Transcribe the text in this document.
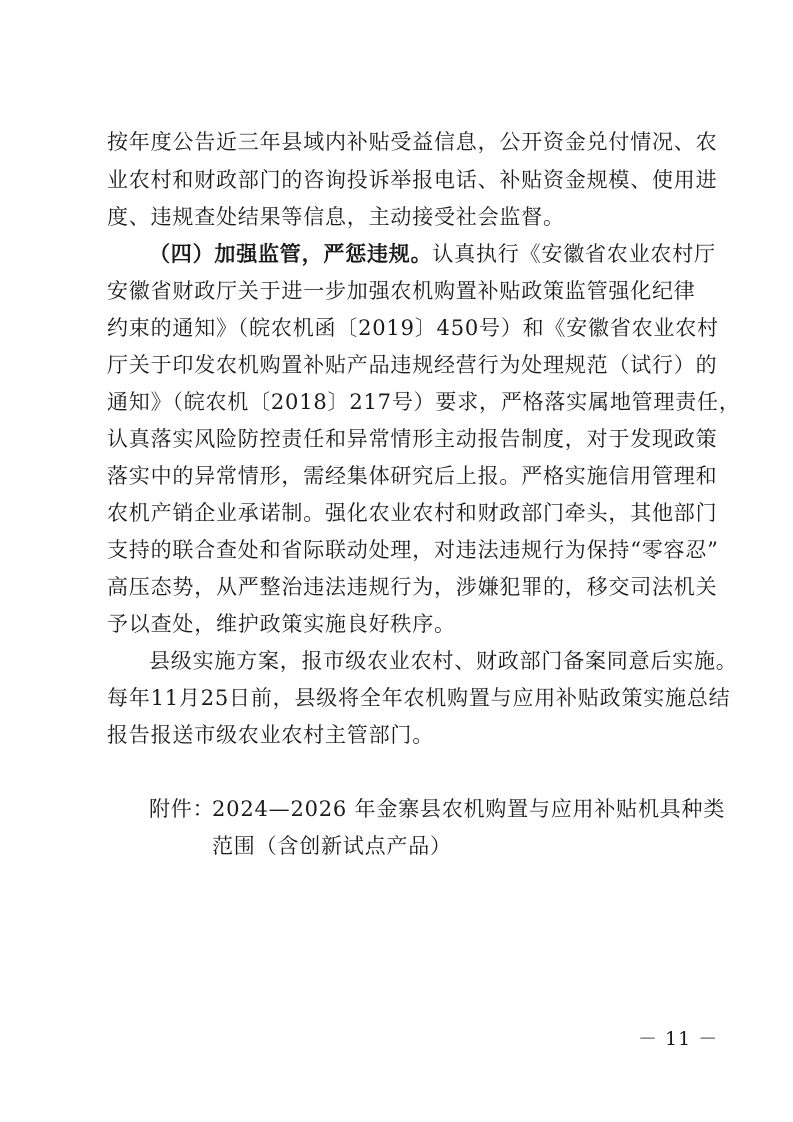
按年度公告近三年县域内补贴受益信息，公开资金兑付情况、农
业农村和财政部门的咨询投诉举报电话、补贴资金规模、使用进
度、违规查处结果等信息，主动接受社会监督。
（四）加强监管，严惩违规。认真执行《安徽省农业农村厅
安徽省财政厅关于进一步加强农机购置补贴政策监管强化纪律
约束的通知》（皖农机函〔2019〕450号）和《安徽省农业农村
厅关于印发农机购置补贴产品违规经营行为处理规范（试行）的
通知》（皖农机〔2018〕217号）要求，严格落实属地管理责任，
认真落实风险防控责任和异常情形主动报告制度，对于发现政策
落实中的异常情形，需经集体研究后上报。严格实施信用管理和
农机产销企业承诺制。强化农业农村和财政部门牵头，其他部门
支持的联合查处和省际联动处理，对违法违规行为保持“零容忍”
高压态势，从严整治违法违规行为，涉嫌犯罪的，移交司法机关
予以查处，维护政策实施良好秩序。
县级实施方案，报市级农业农村、财政部门备案同意后实施。
每年11月25日前，县级将全年农机购置与应用补贴政策实施总结
报告报送市级农业农村主管部门。
附件：
2024—2026 年金寨县农机购置与应用补贴机具种类
范围（含创新试点产品）
－ 11 －
